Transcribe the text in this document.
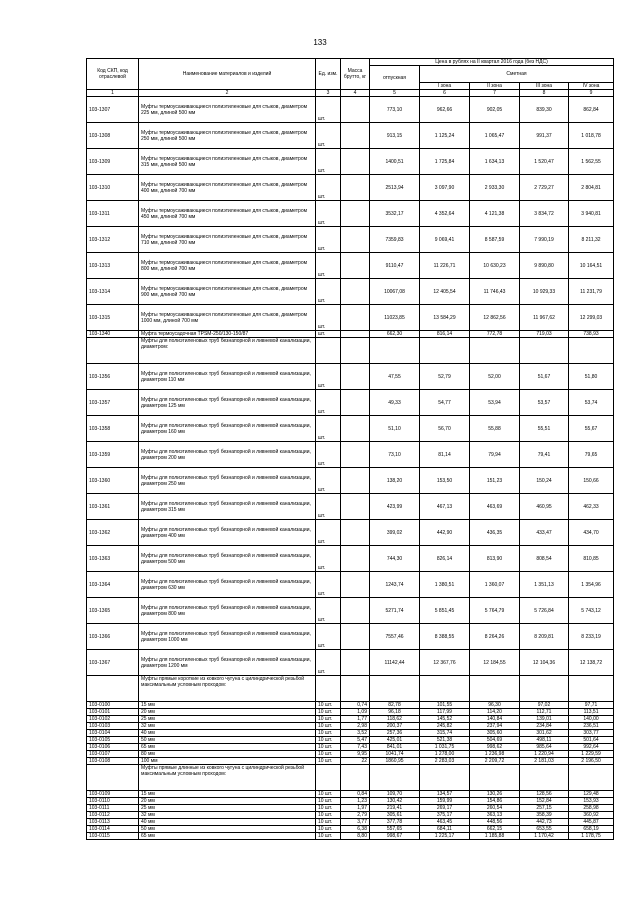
133
Код СКП, код отраслевой	Наименование материалов и изделий	Ед. изм.	Масса брутто, кг	Цена в рублях на II квартал 2016 года (без НДС)				
				отпускная	Сметная			
					I зона	II зона	III зона	IV зона
1	2	3	4	5	6	7	8	9
103-1307	Муфты термоусаживающиеся полиэтиленовые для стыков, диаметром 225 мм, длиной 500 мм	шт.		773,10	962,66	902,05	839,30	862,84
103-1308	Муфты термоусаживающиеся полиэтиленовые для стыков, диаметром 250 мм, длиной 500 мм	шт.		913,15	1 125,24	1 065,47	991,37	1 018,78
103-1309	Муфты термоусаживающиеся полиэтиленовые для стыков, диаметром 315 мм, длиной 500 мм	шт.		1400,51	1 725,84	1 634,13	1 520,47	1 562,55
103-1310	Муфты термоусаживающиеся полиэтиленовые для стыков, диаметром 400 мм, длиной 700 мм	шт.		2513,94	3 097,90	2 933,30	2 729,27	2 804,81
103-1311	Муфты термоусаживающиеся полиэтиленовые для стыков, диаметром 450 мм, длиной 700 мм	шт.		3532,17	4 352,64	4 121,38	3 834,72	3 940,81
103-1312	Муфты термоусаживающиеся полиэтиленовые для стыков, диаметром 710 мм, длиной 700 мм	шт.		7359,83	9 069,41	8 587,59	7 990,19	8 211,32
103-1313	Муфты термоусаживающиеся полиэтиленовые для стыков, диаметром 800 мм, длиной 700 мм	шт.		9110,47	11 226,71	10 630,23	9 890,80	10 164,51
103-1314	Муфты термоусаживающиеся полиэтиленовые для стыков, диаметром 900 мм, длиной 700 мм	шт.		10067,08	12 405,54	11 746,43	10 929,33	11 231,79
103-1315	Муфты термоусаживающиеся полиэтиленовые для стыков, диаметром 1000 мм, длиной 700 мм	шт.		11023,85	13 584,29	12 862,56	11 967,62	12 299,03
103-1340	Муфта термоусадочная TPSM-250/130-150/87	шт.		662,30	816,14	772,78	719,03	738,93
	Муфты для полиэтиленовых труб безнапорной и ливневой канализации, диаметром:							
103-1356	Муфты для полиэтиленовых труб безнапорной и ливневой канализации, диаметром 110 мм	шт.		47,55	52,79	52,00	51,67	51,80
103-1357	Муфты для полиэтиленовых труб безнапорной и ливневой канализации, диаметром 125 мм	шт.		49,33	54,77	53,94	53,57	53,74
103-1358	Муфты для полиэтиленовых труб безнапорной и ливневой канализации, диаметром 160 мм	шт.		51,10	56,70	55,88	55,51	55,67
103-1359	Муфты для полиэтиленовых труб безнапорной и ливневой канализации, диаметром 200 мм	шт.		73,10	81,14	79,94	79,41	79,65
103-1360	Муфты для полиэтиленовых труб безнапорной и ливневой канализации, диаметром 250 мм	шт.		138,20	153,50	151,23	150,24	150,66
103-1361	Муфты для полиэтиленовых труб безнапорной и ливневой канализации, диаметром 315 мм	шт.		423,99	467,13	463,69	460,95	462,33
103-1362	Муфты для полиэтиленовых труб безнапорной и ливневой канализации, диаметром 400 мм	шт.		399,02	442,90	436,35	433,47	434,70
103-1363	Муфты для полиэтиленовых труб безнапорной и ливневой канализации, диаметром 500 мм	шт.		744,30	826,14	813,90	808,54	810,85
103-1364	Муфты для полиэтиленовых труб безнапорной и ливневой канализации, диаметром 630 мм	шт.		1243,74	1 380,51	1 360,07	1 351,13	1 354,96
103-1365	Муфты для полиэтиленовых труб безнапорной и ливневой канализации, диаметром 800 мм	шт.		5271,74	5 851,45	5 764,79	5 726,84	5 743,12
103-1366	Муфты для полиэтиленовых труб безнапорной и ливневой канализации, диаметром 1000 мм	шт.		7557,46	8 388,55	8 264,26	8 209,81	8 233,19
103-1367	Муфты для полиэтиленовых труб безнапорной и ливневой канализации, диаметром 1200 мм	шт.		11142,44	12 367,76	12 184,55	12 104,36	12 138,72
	Муфты прямые короткие из ковкого чугуна с цилиндрической резьбой максимальным условным проходом:							
103-0100	15 мм	10 шт.	0,74	82,78	101,55	96,30	97,02	97,71
103-0101	20 мм	10 шт.	1,09	96,18	117,99	114,20	112,71	113,51
103-0102	25 мм	10 шт.	1,77	118,62	145,52	140,84	139,01	140,00
103-0103	32 мм	10 шт.	2,98	200,37	245,82	237,94	234,84	236,51
103-0104	40 мм	10 шт.	3,52	257,36	315,74	305,60	301,62	303,77
103-0105	50 мм	10 шт.	5,47	425,01	521,38	504,69	498,11	501,64
103-0106	65 мм	10 шт.	7,43	841,01	1 031,75	998,62	985,64	992,64
103-0107	80 мм	10 шт.	9,95	1041,74	1 278,00	1 236,98	1 220,94	1 229,59
103-0108	100 мм	10 шт.	22	1860,95	2 283,03	2 209,72	2 181,03	2 196,50
	Муфты прямые длинные из ковкого чугуна с цилиндрической резьбой максимальным условным проходом:							
103-0109	15 мм	10 шт.	0,84	109,70	134,57	130,26	128,56	129,48
103-0110	20 мм	10 шт.	1,23	130,42	159,99	154,86	152,84	153,93
103-0111	25 мм	10 шт.	1,97	219,41	269,17	260,54	257,15	258,98
103-0112	32 мм	10 шт.	2,79	305,61	375,17	363,13	358,39	360,92
103-0113	40 мм	10 шт.	3,77	377,78	463,45	448,56	442,73	445,87
103-0114	50 мм	10 шт.	6,38	557,65	684,11	662,15	653,55	658,19
103-0115	65 мм	10 шт.	8,80	998,67	1 225,17	1 185,88	1 170,42	1 178,75
